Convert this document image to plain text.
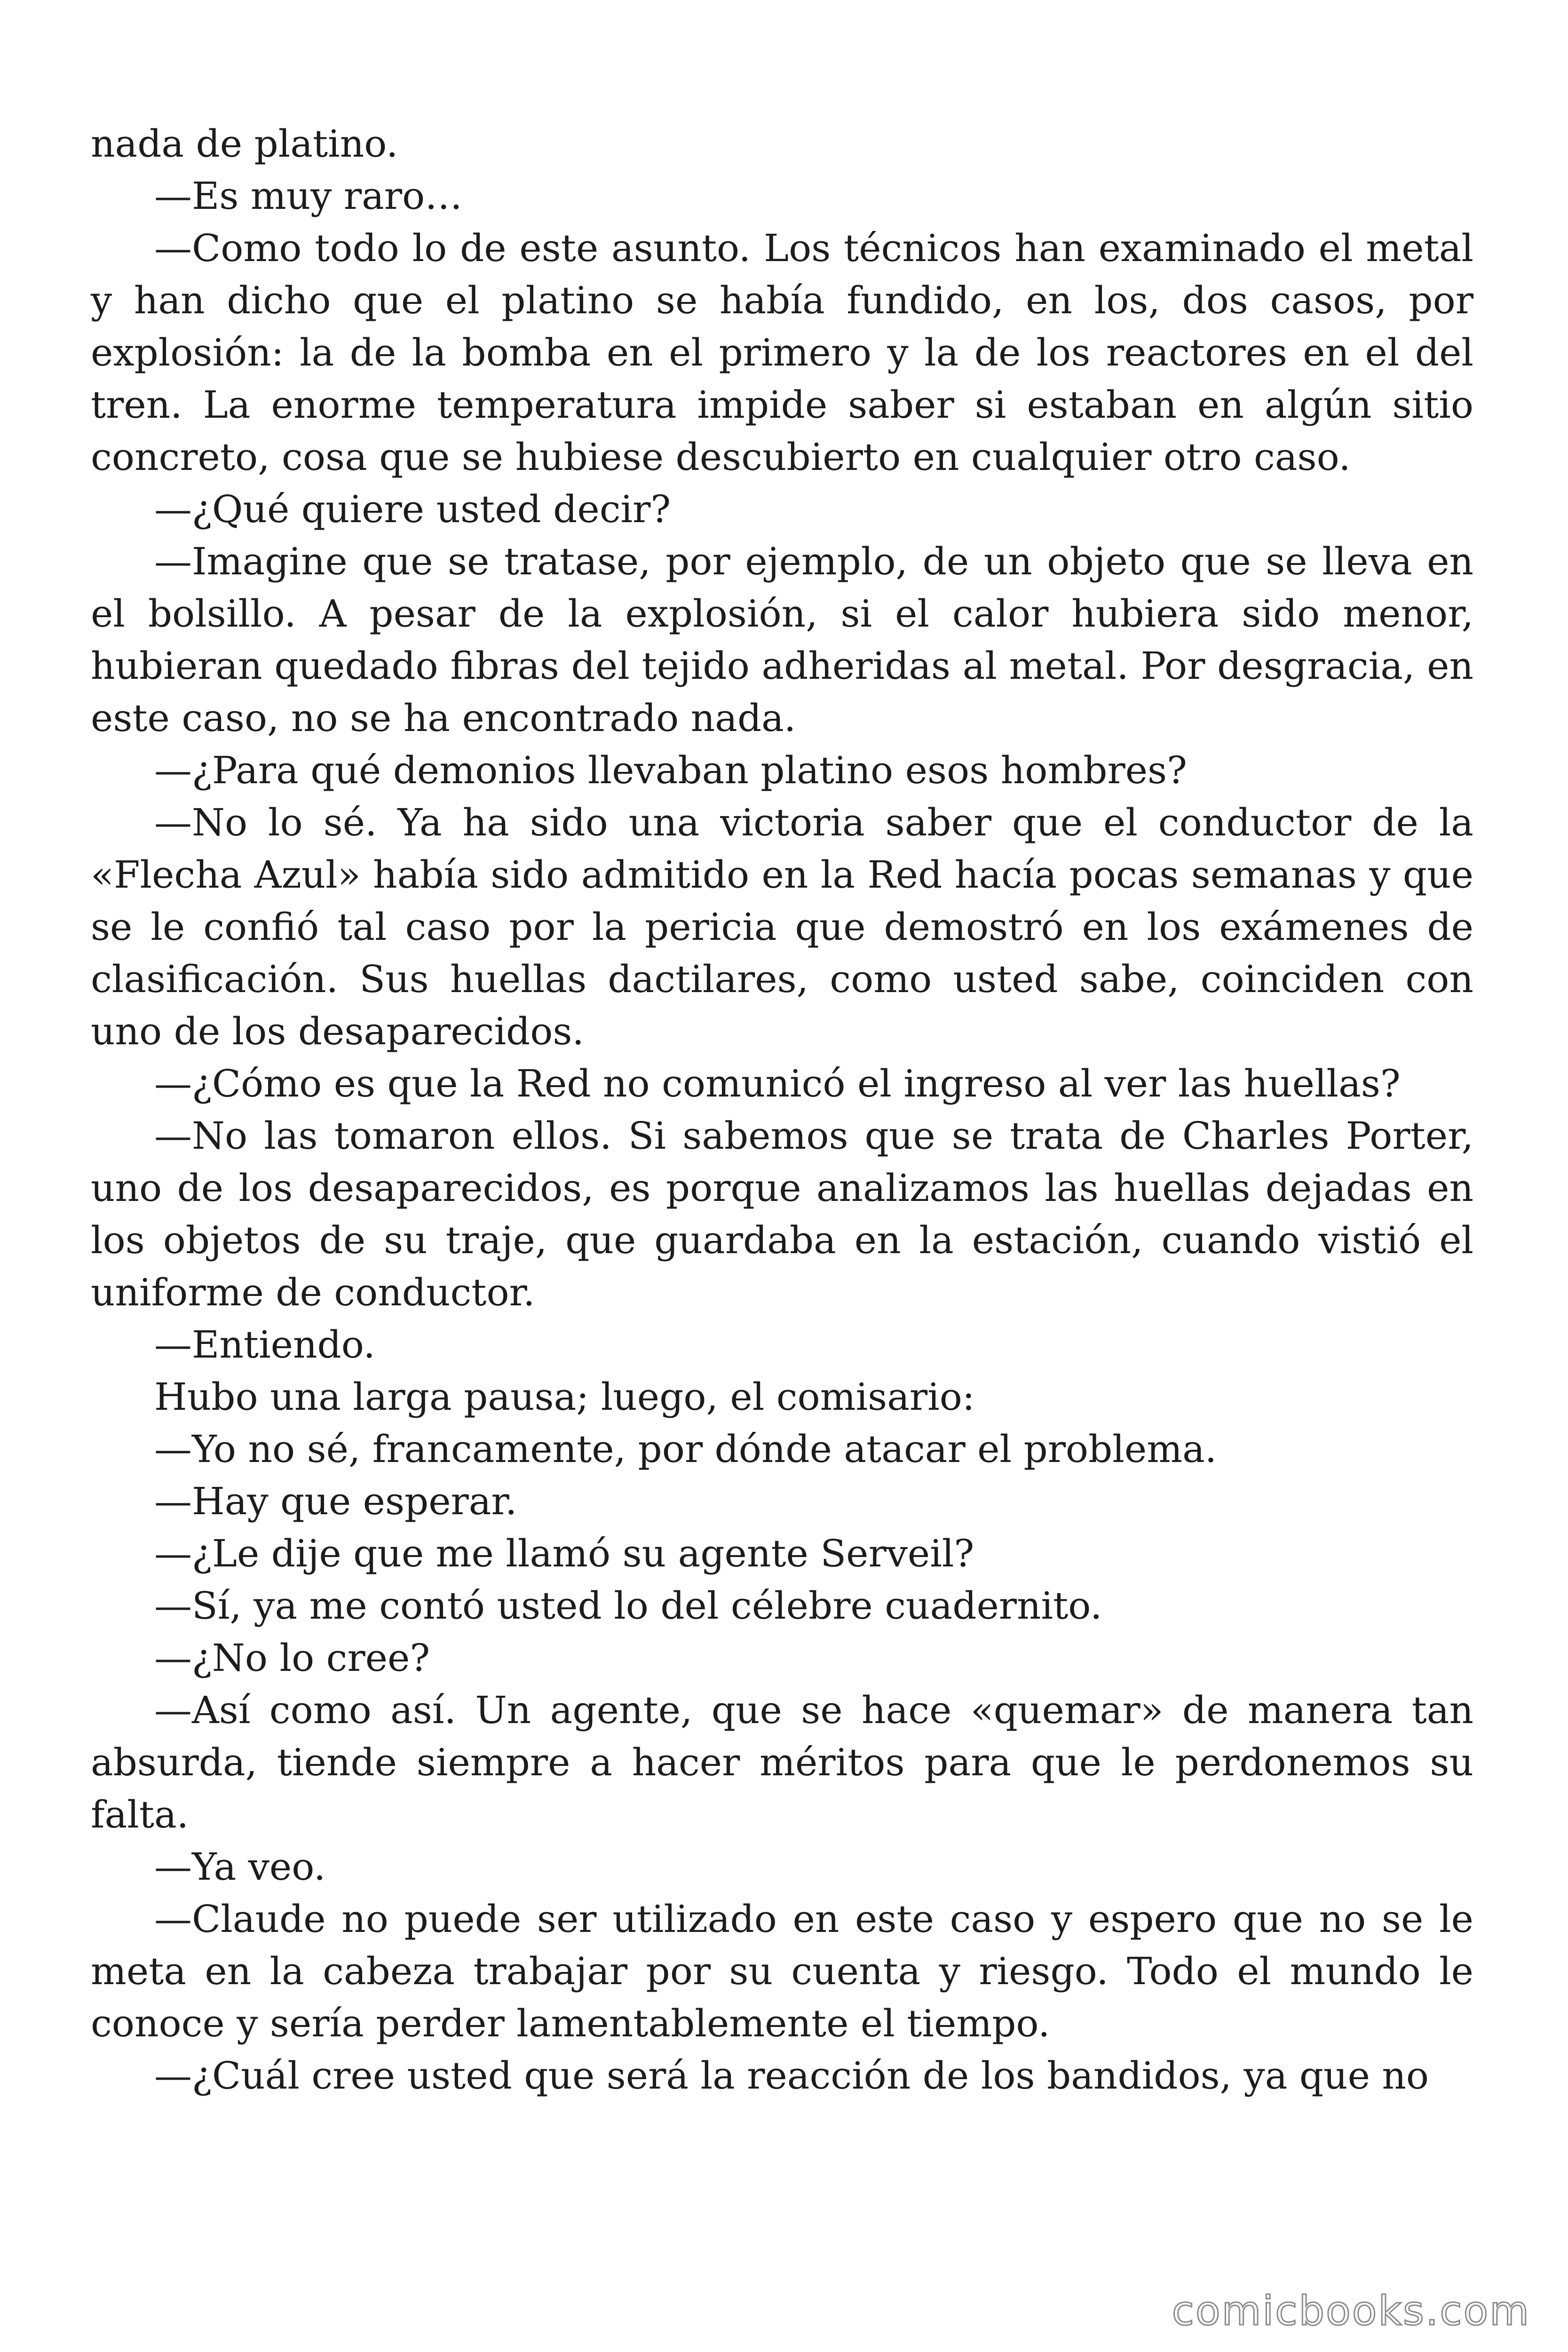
nada de platino.

—Es muy raro…

—Como todo lo de este asunto. Los técnicos han examinado el metal y han dicho que el platino se había fundido, en los, dos casos, por explosión: la de la bomba en el primero y la de los reactores en el del tren. La enorme temperatura impide saber si estaban en algún sitio concreto, cosa que se hubiese descubierto en cualquier otro caso.

—¿Qué quiere usted decir?

—Imagine que se tratase, por ejemplo, de un objeto que se lleva en el bolsillo. A pesar de la explosión, si el calor hubiera sido menor, hubieran quedado fibras del tejido adheridas al metal. Por desgracia, en este caso, no se ha encontrado nada.

—¿Para qué demonios llevaban platino esos hombres?

—No lo sé. Ya ha sido una victoria saber que el conductor de la «Flecha Azul» había sido admitido en la Red hacía pocas semanas y que se le confió tal caso por la pericia que demostró en los exámenes de clasificación. Sus huellas dactilares, como usted sabe, coinciden con uno de los desaparecidos.

—¿Cómo es que la Red no comunicó el ingreso al ver las huellas?

—No las tomaron ellos. Si sabemos que se trata de Charles Porter, uno de los desaparecidos, es porque analizamos las huellas dejadas en los objetos de su traje, que guardaba en la estación, cuando vistió el uniforme de conductor.

—Entiendo.

Hubo una larga pausa; luego, el comisario:

—Yo no sé, francamente, por dónde atacar el problema.

—Hay que esperar.

—¿Le dije que me llamó su agente Serveil?

—Sí, ya me contó usted lo del célebre cuadernito.

—¿No lo cree?

—Así como así. Un agente, que se hace «quemar» de manera tan absurda, tiende siempre a hacer méritos para que le perdonemos su falta.

—Ya veo.

—Claude no puede ser utilizado en este caso y espero que no se le meta en la cabeza trabajar por su cuenta y riesgo. Todo el mundo le conoce y sería perder lamentablemente el tiempo.

—¿Cuál cree usted que será la reacción de los bandidos, ya que no

comicbooks.com
